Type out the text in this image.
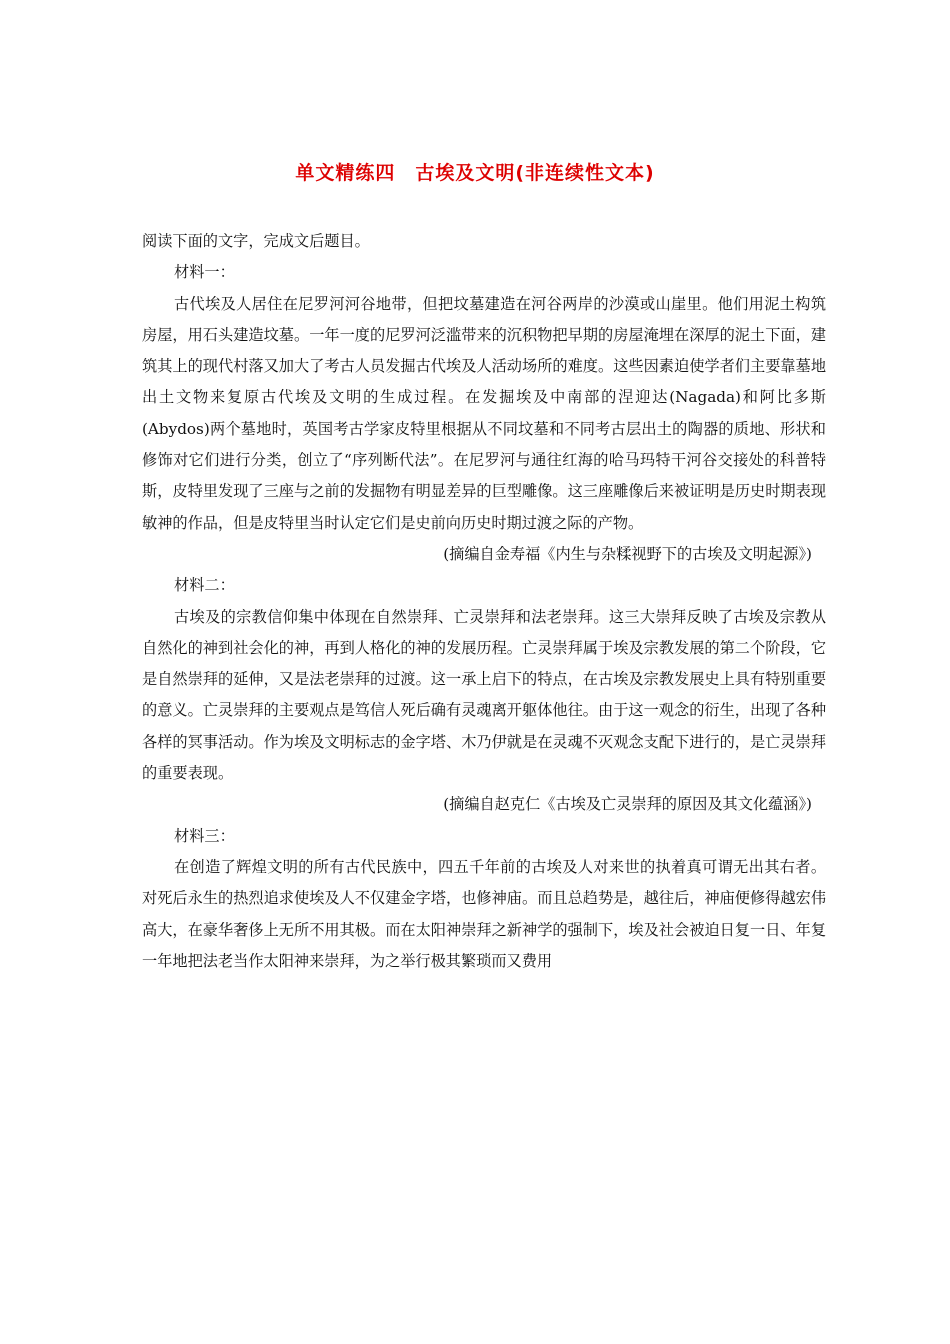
单文精练四　古埃及文明(非连续性文本)

阅读下面的文字，完成文后题目。

材料一：

古代埃及人居住在尼罗河河谷地带，但把坟墓建造在河谷两岸的沙漠或山崖里。他们用泥土构筑房屋，用石头建造坟墓。一年一度的尼罗河泛滥带来的沉积物把早期的房屋淹埋在深厚的泥土下面，建筑其上的现代村落又加大了考古人员发掘古代埃及人活动场所的难度。这些因素迫使学者们主要靠墓地出土文物来复原古代埃及文明的生成过程。在发掘埃及中南部的涅迎达(Nagada)和阿比多斯(Abydos)两个墓地时，英国考古学家皮特里根据从不同坟墓和不同考古层出土的陶器的质地、形状和修饰对它们进行分类，创立了“序列断代法”。在尼罗河与通往红海的哈马玛特干河谷交接处的科普特斯，皮特里发现了三座与之前的发掘物有明显差异的巨型雕像。这三座雕像后来被证明是历史时期表现敏神的作品，但是皮特里当时认定它们是史前向历史时期过渡之际的产物。

(摘编自金寿福《内生与杂糅视野下的古埃及文明起源》)

材料二：

古埃及的宗教信仰集中体现在自然崇拜、亡灵崇拜和法老崇拜。这三大崇拜反映了古埃及宗教从自然化的神到社会化的神，再到人格化的神的发展历程。亡灵崇拜属于埃及宗教发展的第二个阶段，它是自然崇拜的延伸，又是法老崇拜的过渡。这一承上启下的特点，在古埃及宗教发展史上具有特别重要的意义。亡灵崇拜的主要观点是笃信人死后确有灵魂离开躯体他往。由于这一观念的衍生，出现了各种各样的冥事活动。作为埃及文明标志的金字塔、木乃伊就是在灵魂不灭观念支配下进行的，是亡灵崇拜的重要表现。

(摘编自赵克仁《古埃及亡灵崇拜的原因及其文化蕴涵》)

材料三：

在创造了辉煌文明的所有古代民族中，四五千年前的古埃及人对来世的执着真可谓无出其右者。对死后永生的热烈追求使埃及人不仅建金字塔，也修神庙。而且总趋势是，越往后，神庙便修得越宏伟高大，在豪华奢侈上无所不用其极。而在太阳神崇拜之新神学的强制下，埃及社会被迫日复一日、年复一年地把法老当作太阳神来崇拜，为之举行极其繁琐而又费用
